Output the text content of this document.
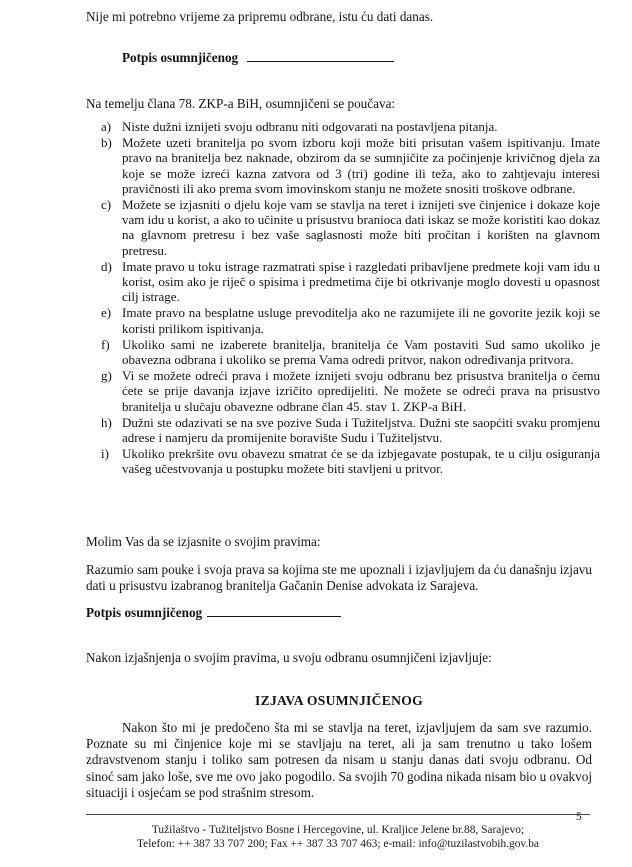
Nije mi potrebno vrijeme za pripremu odbrane, istu ću dati danas.

Potpis osumnjičenog

Na temelju člana 78. ZKP-a BiH, osumnjičeni se poučava:

a) Niste dužni iznijeti svoju odbranu niti odgovarati na postavljena pitanja.
b) Možete uzeti branitelja po svom izboru koji može biti prisutan vašem ispitivanju. Imate pravo na branitelja bez naknade, obzirom da se sumnjičite za počinjenje krivičnog djela za koje se može izreći kazna zatvora od 3 (tri) godine ili teža, ako to zahtjevaju interesi pravičnosti ili ako prema svom imovinskom stanju ne možete snositi troškove odbrane.
c) Možete se izjasniti o djelu koje vam se stavlja na teret i iznijeti sve činjenice i dokaze koje vam idu u korist, a ako to učinite u prisustvu branioca dati iskaz se može koristiti kao dokaz na glavnom pretresu i bez vaše saglasnosti može biti pročitan i korišten na glavnom pretresu.
d) Imate pravo u toku istrage razmatrati spise i razgledati pribavljene predmete koji vam idu u korist, osim ako je riječ o spisima i predmetima čije bi otkrivanje moglo dovesti u opasnost cilj istrage.
e) Imate pravo na besplatne usluge prevoditelja ako ne razumijete ili ne govorite jezik koji se koristi prilikom ispitivanja.
f) Ukoliko sami ne izaberete branitelja, branitelja će Vam postaviti Sud samo ukoliko je obavezna odbrana i ukoliko se prema Vama odredi pritvor, nakon određivanja pritvora.
g) Vi se možete odreći prava i možete iznijeti svoju odbranu bez prisustva branitelja o čemu ćete se prije davanja izjave izričito opredijeliti. Ne možete se odreći prava na prisustvo branitelja u slučaju obavezne odbrane član 45. stav 1. ZKP-a BiH.
h) Dužni ste odazivati se na sve pozive Suda i Tužiteljstva. Dužni ste saopćiti svaku promjenu adrese i namjeru da promijenite boravište Sudu i Tužiteljstvu.
i) Ukoliko prekršite ovu obavezu smatrat će se da izbjegavate postupak, te u cilju osiguranja vašeg učestvovanja u postupku možete biti stavljeni u pritvor.

Molim Vas da se izjasnite o svojim pravima:

Razumio sam pouke i svoja prava sa kojima ste me upoznali i izjavljujem da ću današnju izjavu dati u prisustvu izabranog branitelja Gačanin Denise advokata iz Sarajeva.

Potpis osumnjičenog

Nakon izjašnjenja o svojim pravima, u svoju odbranu osumnjičeni izjavljuje:

IZJAVA OSUMNJIČENOG

Nakon što mi je predočeno šta mi se stavlja na teret, izjavljujem da sam sve razumio. Poznate su mi činjenice koje mi se stavljaju na teret, ali ja sam trenutno u tako lošem zdravstvenom stanju i toliko sam potresen da nisam u stanju danas dati svoju odbranu. Od sinoć sam jako loše, sve me ovo jako pogodilo. Sa svojih 70 godina nikada nisam bio u ovakvoj situaciji i osjećam se pod strašnim stresom.

5
Tužilaštvo - Tužiteljstvo Bosne i Hercegovine, ul. Kraljice Jelene br.88, Sarajevo;
Telefon: ++ 387 33 707 200; Fax ++ 387 33 707 463; e-mail: info@tuzilastvobih.gov.ba
